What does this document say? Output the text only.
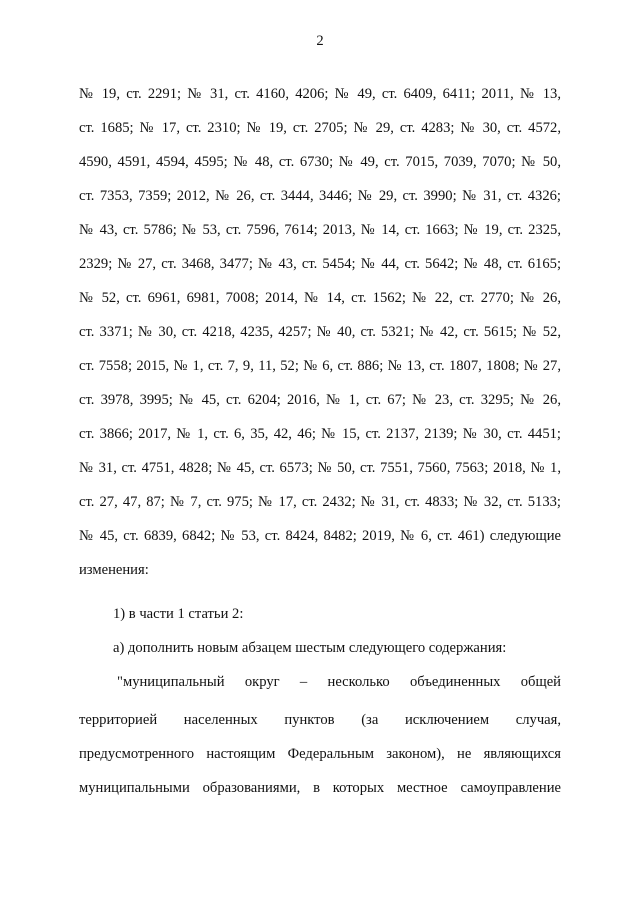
2
№ 19, ст. 2291; № 31, ст. 4160, 4206; № 49, ст. 6409, 6411; 2011, № 13,
ст. 1685; № 17, ст. 2310; № 19, ст. 2705; № 29, ст. 4283; № 30, ст. 4572,
4590, 4591, 4594, 4595; № 48, ст. 6730; № 49, ст. 7015, 7039, 7070; № 50,
ст. 7353, 7359; 2012, № 26, ст. 3444, 3446; № 29, ст. 3990; № 31, ст. 4326;
№ 43, ст. 5786; № 53, ст. 7596, 7614; 2013, № 14, ст. 1663; № 19, ст. 2325,
2329; № 27, ст. 3468, 3477; № 43, ст. 5454; № 44, ст. 5642; № 48, ст. 6165;
№ 52, ст. 6961, 6981, 7008; 2014, № 14, ст. 1562; № 22, ст. 2770; № 26,
ст. 3371; № 30, ст. 4218, 4235, 4257; № 40, ст. 5321; № 42, ст. 5615; № 52,
ст. 7558; 2015, № 1, ст. 7, 9, 11, 52; № 6, ст. 886; № 13, ст. 1807, 1808; № 27,
ст. 3978, 3995; № 45, ст. 6204; 2016, № 1, ст. 67; № 23, ст. 3295; № 26,
ст. 3866; 2017, № 1, ст. 6, 35, 42, 46; № 15, ст. 2137, 2139; № 30, ст. 4451;
№ 31, ст. 4751, 4828; № 45, ст. 6573; № 50, ст. 7551, 7560, 7563; 2018, № 1,
ст. 27, 47, 87; № 7, ст. 975; № 17, ст. 2432; № 31, ст. 4833; № 32, ст. 5133;
№ 45, ст. 6839, 6842; № 53, ст. 8424, 8482; 2019, № 6, ст. 461) следующие
изменения:
1) в части 1 статьи 2:
а) дополнить новым абзацем шестым следующего содержания:
"муниципальный округ – несколько объединенных общей
территорией населенных пунктов (за исключением случая,
предусмотренного настоящим Федеральным законом), не являющихся
муниципальными образованиями, в которых местное самоуправление
